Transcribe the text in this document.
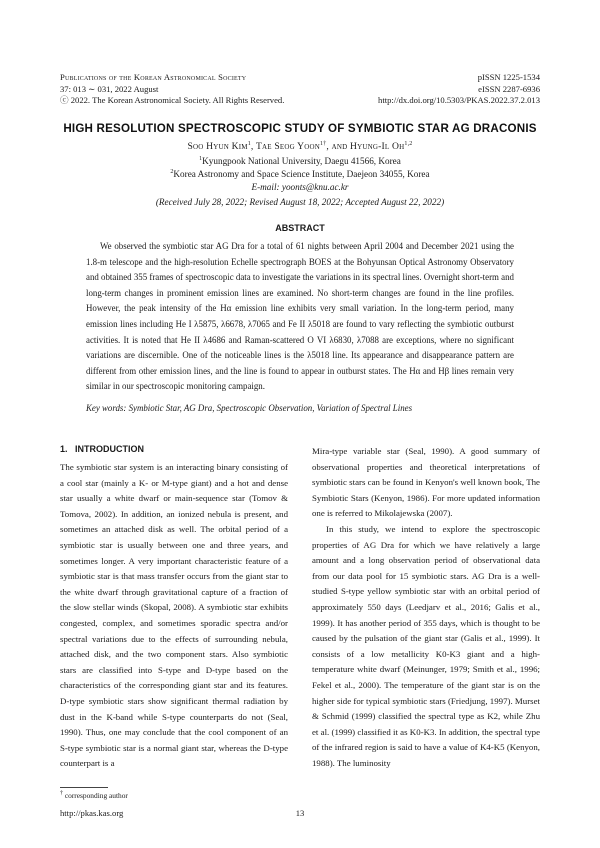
Publications of the Korean Astronomical Society
37: 013 ∼ 031, 2022 August
ⓒ 2022. The Korean Astronomical Society. All Rights Reserved.
pISSN 1225-1534
eISSN 2287-6936
http://dx.doi.org/10.5303/PKAS.2022.37.2.013
HIGH RESOLUTION SPECTROSCOPIC STUDY OF SYMBIOTIC STAR AG DRACONIS
Soo Hyun Kim$^1$, Tae Seog Yoon$^{1\dagger}$, and Hyung-Il Oh$^{1,2}$
$^1$Kyungpook National University, Daegu 41566, Korea
$^2$Korea Astronomy and Space Science Institute, Daejeon 34055, Korea
E-mail: yoonts@knu.ac.kr
(Received July 28, 2022; Revised August 18, 2022; Accepted August 22, 2022)
ABSTRACT
We observed the symbiotic star AG Dra for a total of 61 nights between April 2004 and December 2021 using the 1.8-m telescope and the high-resolution Echelle spectrograph BOES at the Bohyunsan Optical Astronomy Observatory and obtained 355 frames of spectroscopic data to investigate the variations in its spectral lines. Overnight short-term and long-term changes in prominent emission lines are examined. No short-term changes are found in the line profiles. However, the peak intensity of the Hα emission line exhibits very small variation. In the long-term period, many emission lines including He I λ5875, λ6678, λ7065 and Fe II λ5018 are found to vary reflecting the symbiotic outburst activities. It is noted that He II λ4686 and Raman-scattered O VI λ6830, λ7088 are exceptions, where no significant variations are discernible. One of the noticeable lines is the λ5018 line. Its appearance and disappearance pattern are different from other emission lines, and the line is found to appear in outburst states. The Hα and Hβ lines remain very similar in our spectroscopic monitoring campaign.
Key words: Symbiotic Star, AG Dra, Spectroscopic Observation, Variation of Spectral Lines
1. INTRODUCTION

The symbiotic star system is an interacting binary consisting of a cool star (mainly a K- or M-type giant) and a hot and dense star usually a white dwarf or main-sequence star (Tomov & Tomova, 2002). In addition, an ionized nebula is present, and sometimes an attached disk as well. The orbital period of a symbiotic star is usually between one and three years, and sometimes longer. A very important characteristic feature of a symbiotic star is that mass transfer occurs from the giant star to the white dwarf through gravitational capture of a fraction of the slow stellar winds (Skopal, 2008). A symbiotic star exhibits congested, complex, and sometimes sporadic spectra and/or spectral variations due to the effects of surrounding nebula, attached disk, and the two component stars. Also symbiotic stars are classified into S-type and D-type based on the characteristics of the corresponding giant star and its features. D-type symbiotic stars show significant thermal radiation by dust in the K-band while S-type counterparts do not (Seal, 1990). Thus, one may conclude that the cool component of an S-type symbiotic star is a normal giant star, whereas the D-type counterpart is a

Mira-type variable star (Seal, 1990). A good summary of observational properties and theoretical interpretations of symbiotic stars can be found in Kenyon's well known book, The Symbiotic Stars (Kenyon, 1986). For more updated information one is referred to Mikolajewska (2007).

In this study, we intend to explore the spectroscopic properties of AG Dra for which we have relatively a large amount and a long observation period of observational data from our data pool for 15 symbiotic stars. AG Dra is a well-studied S-type yellow symbiotic star with an orbital period of approximately 550 days (Leedjarv et al., 2016; Galis et al., 1999). It has another period of 355 days, which is thought to be caused by the pulsation of the giant star (Galis et al., 1999). It consists of a low metallicity K0-K3 giant and a high-temperature white dwarf (Meinunger, 1979; Smith et al., 1996; Fekel et al., 2000). The temperature of the giant star is on the higher side for typical symbiotic stars (Friedjung, 1997). Murset & Schmid (1999) classified the spectral type as K2, while Zhu et al. (1999) classified it as K0-K3. In addition, the spectral type of the infrared region is said to have a value of K4-K5 (Kenyon, 1988). The luminosity

† corresponding author
http://pkas.kas.org	13
